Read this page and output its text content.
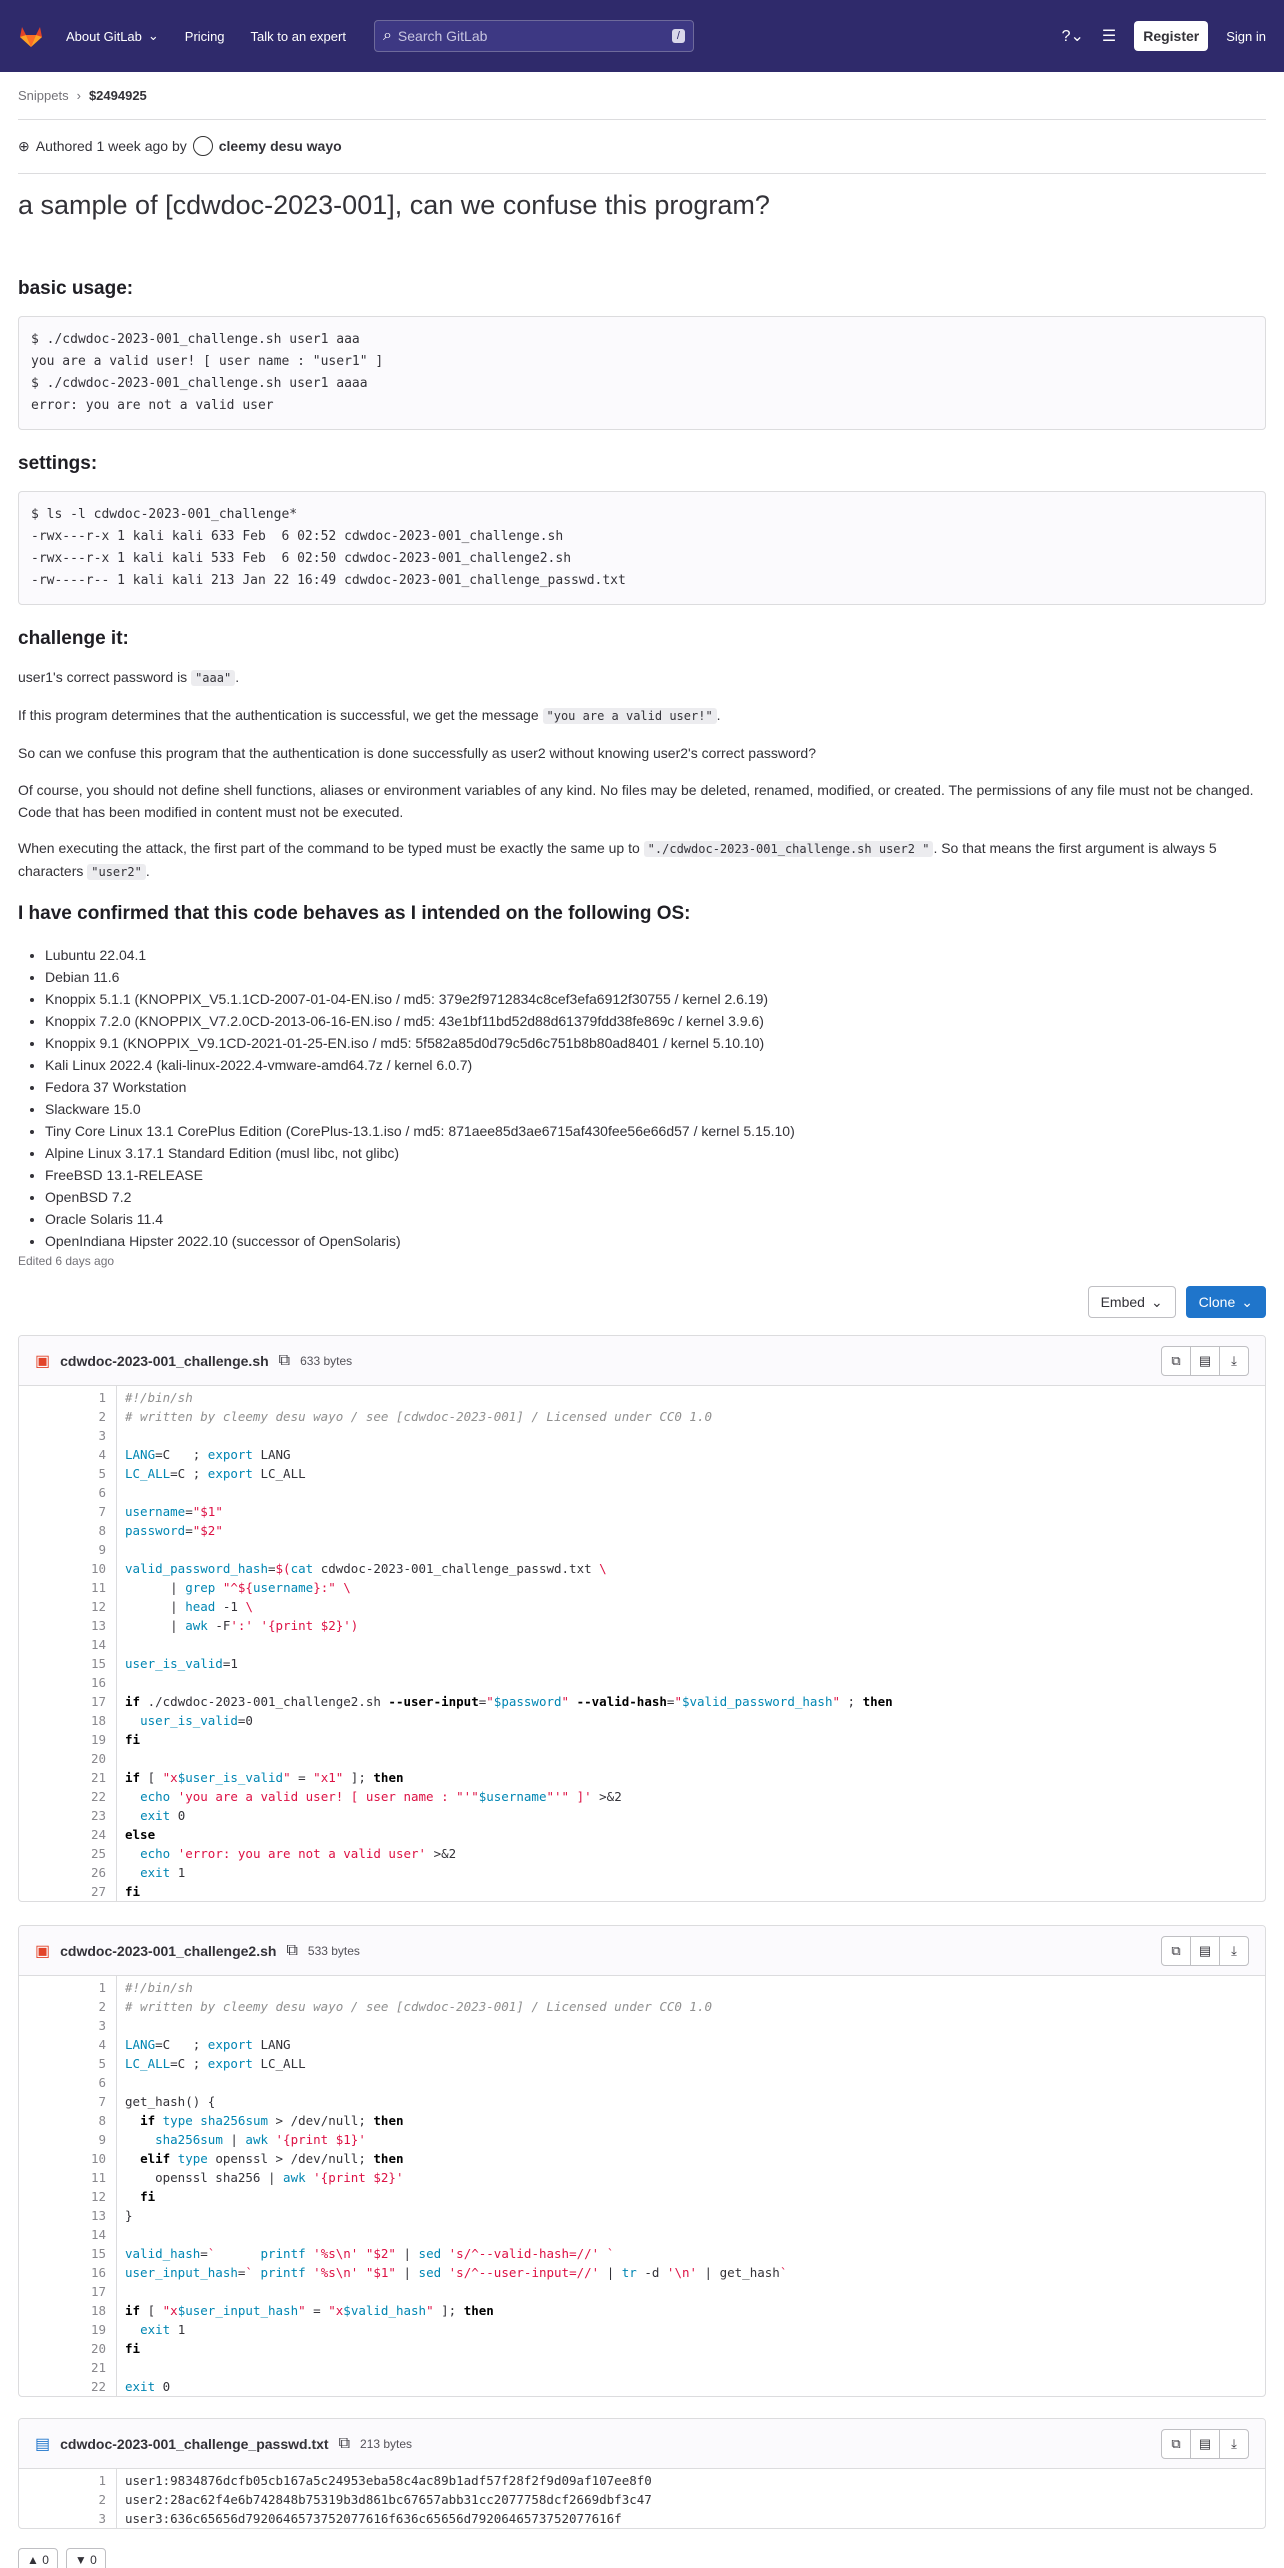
About GitLab ⌄ Pricing Talk to an expert ⌕
Search GitLab	/	?⌄ ☰	Register	Sign in
Snippets › $2494925
⊕ Authored 1 week ago by cleemy desu wayo
a sample of [cdwdoc-2023-001], can we confuse this program?
basic usage:
$ ./cdwdoc-2023-001_challenge.sh user1 aaa
you are a valid user! [ user name : "user1" ]
$ ./cdwdoc-2023-001_challenge.sh user1 aaaa
error: you are not a valid user
settings:
$ ls -l cdwdoc-2023-001_challenge*
-rwx---r-x 1 kali kali 633 Feb  6 02:52 cdwdoc-2023-001_challenge.sh
-rwx---r-x 1 kali kali 533 Feb  6 02:50 cdwdoc-2023-001_challenge2.sh
-rw----r-- 1 kali kali 213 Jan 22 16:49 cdwdoc-2023-001_challenge_passwd.txt
challenge it:
user1's correct password is "aaa" .
If this program determines that the authentication is successful, we get the message "you are a valid user!" .
So can we confuse this program that the authentication is done successfully as user2 without knowing user2's correct password?
Of course, you should not define shell functions, aliases or environment variables of any kind. No files may be deleted, renamed, modified, or created. The permissions of any file must not be changed. Code that has been modified in content must not be executed.
When executing the attack, the first part of the command to be typed must be exactly the same up to "./cdwdoc-2023-001_challenge.sh user2 " . So that means the first argument is always 5 characters "user2" .
I have confirmed that this code behaves as I intended on the following OS:
• Lubuntu 22.04.1
• Debian 11.6
• Knoppix 5.1.1 (KNOPPIX_V5.1.1CD-2007-01-04-EN.iso / md5: 379e2f9712834c8cef3efa6912f30755 / kernel 2.6.19)
• Knoppix 7.2.0 (KNOPPIX_V7.2.0CD-2013-06-16-EN.iso / md5: 43e1bf11bd52d88d61379fdd38fe869c / kernel 3.9.6)
• Knoppix 9.1 (KNOPPIX_V9.1CD-2021-01-25-EN.iso / md5: 5f582a85d0d79c5d6c751b8b80ad8401 / kernel 5.10.10)
• Kali Linux 2022.4 (kali-linux-2022.4-vmware-amd64.7z / kernel 6.0.7)
• Fedora 37 Workstation
• Slackware 15.0
• Tiny Core Linux 13.1 CorePlus Edition (CorePlus-13.1.iso / md5: 871aee85d3ae6715af430fee56e66d57 / kernel 5.15.10)
• Alpine Linux 3.17.1 Standard Edition (musl libc, not glibc)
• FreeBSD 13.1-RELEASE
• OpenBSD 7.2
• Oracle Solaris 11.4
• OpenIndiana Hipster 2022.10 (successor of OpenSolaris)
Edited 6 days ago
Embed ⌄	Clone ⌄
▣ cdwdoc-2023-001_challenge.sh ⧉ 633 bytes	⧉	▤	⤓
1
2
3
4
5
6
7
8
9
10
11
12
13
14
15
16
17
18
19
20
21
22
23
24
25
26
27
#!/bin/sh
# written by cleemy desu wayo / see [cdwdoc-2023-001] / Licensed under CC0 1.0

LANG=C   ; export LANG
LC_ALL=C ; export LC_ALL

username="$1"
password="$2"

valid_password_hash=$(cat cdwdoc-2023-001_challenge_passwd.txt \
| grep "^${username}:" \
| head -1 \
| awk -F':' '{print $2}')

user_is_valid=1

if ./cdwdoc-2023-001_challenge2.sh --user-input="$password" --valid-hash="$valid_password_hash" ; then
user_is_valid=0
fi

if [ "x$user_is_valid" = "x1" ]; then
echo 'you are a valid user! [ user name : "'"$username"'" ]' >&2
exit 0
else
echo 'error: you are not a valid user' >&2
exit 1
fi
▣ cdwdoc-2023-001_challenge2.sh ⧉ 533 bytes	⧉	▤	⤓
1
2
3
4
5
6
7
8
9
10
11
12
13
14
15
16
17
18
19
20
21
22
#!/bin/sh
# written by cleemy desu wayo / see [cdwdoc-2023-001] / Licensed under CC0 1.0

LANG=C   ; export LANG
LC_ALL=C ; export LC_ALL

get_hash() {
if type sha256sum > /dev/null; then
sha256sum | awk '{print $1}'
elif type openssl > /dev/null; then
openssl sha256 | awk '{print $2}'
fi
}

valid_hash=`	printf '%s\n' "$2" | sed 's/^--valid-hash=//' `
user_input_hash=` printf '%s\n' "$1" | sed 's/^--user-input=//' | tr -d '\n' | get_hash`

if [ "x$user_input_hash" = "x$valid_hash" ]; then
exit 1
fi

exit 0
▤ cdwdoc-2023-001_challenge_passwd.txt ⧉ 213 bytes	⧉	▤	⤓
1
2
3
user1:9834876dcfb05cb167a5c24953eba58c4ac89b1adf57f28f2f9d09af107ee8f0
user2:28ac62f4e6b742848b75319b3d861bc67657abb31cc2077758dcf2669dbf3c47
user3:636c65656d7920646573752077616f636c65656d7920646573752077616f
▲ 0 ▼ 0
